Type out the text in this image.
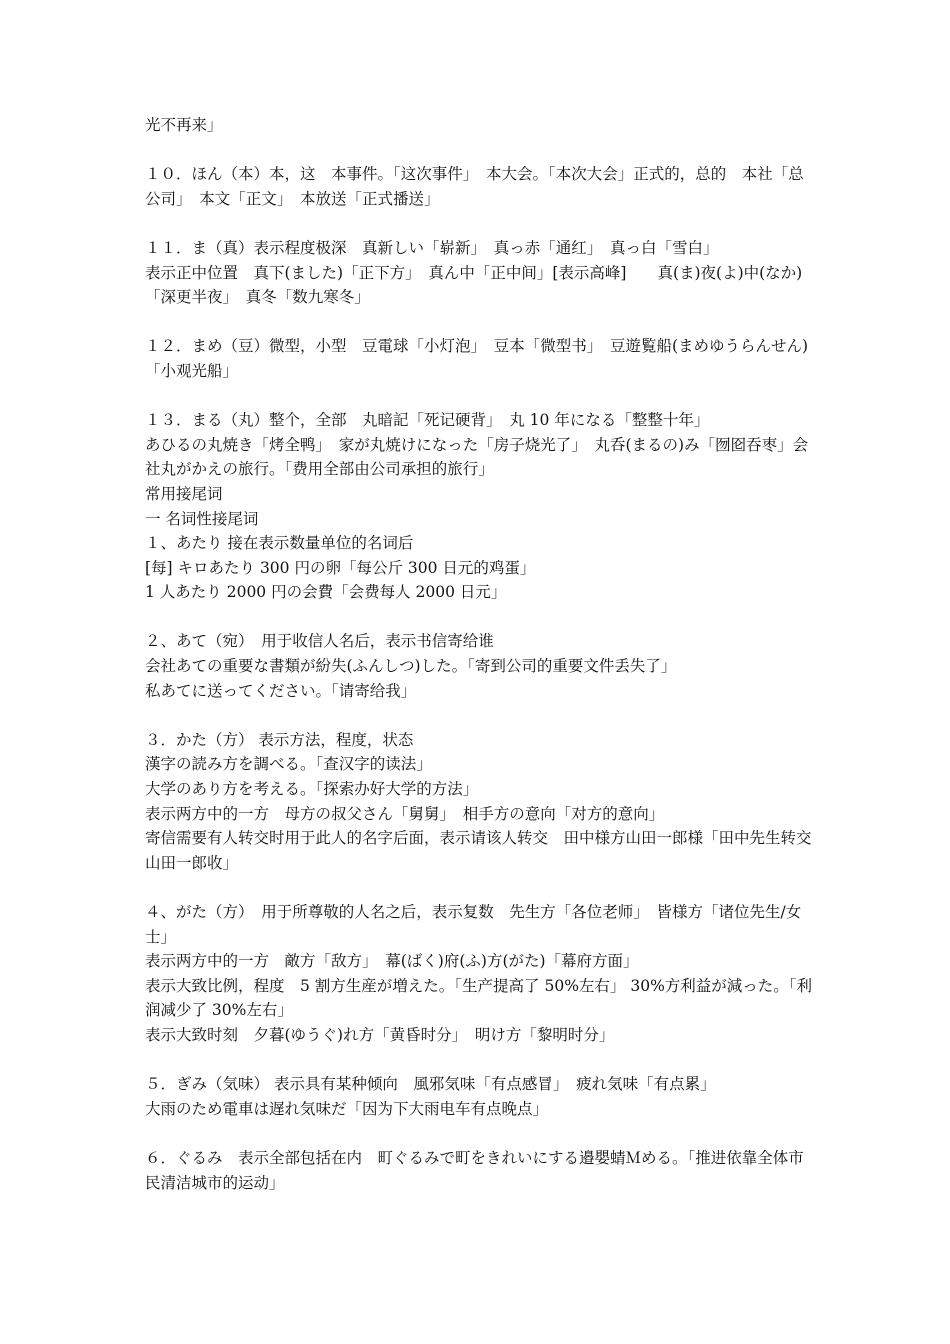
光不再来」
１０．ほん（本）本，这　本事件。「这次事件」　本大会。「本次大会」正式的，总的　本社「总公司」　本文「正文」　本放送「正式播送」
１１．ま（真）表示程度极深　真新しい「崭新」　真っ赤「通红」　真っ白「雪白」
表示正中位置　真下(ました)「正下方」　真ん中「正中间」[表示高峰]　　真(ま)夜(よ)中(なか)「深更半夜」　真冬「数九寒冬」
１２．まめ（豆）微型，小型　豆電球「小灯泡」　豆本「微型书」　豆遊覧船(まめゆうらんせん)「小观光船」
１３．まる（丸）整个，全部　丸暗記「死记硬背」　丸 10 年になる「整整十年」
あひるの丸焼き「烤全鸭」　家が丸焼けになった「房子烧光了」　丸呑(まるの)み「囫囵吞枣」会社丸がかえの旅行。「费用全部由公司承担的旅行」
常用接尾词
一 名词性接尾词
１、あたり 接在表示数量单位的名词后
[每] キロあたり 300 円の卵「每公斤 300 日元的鸡蛋」
1 人あたり 2000 円の会費「会费每人 2000 日元」
２、あて（宛）　用于收信人名后，表示书信寄给谁
会社あての重要な書類が紛失(ふんしつ)した。「寄到公司的重要文件丢失了」
私あてに送ってください。「请寄给我」
３．かた（方） 表示方法，程度，状态
漢字の読み方を調べる。「查汉字的读法」
大学のあり方を考える。「探索办好大学的方法」
表示两方中的一方　母方の叔父さん「舅舅」　相手方の意向「对方的意向」
寄信需要有人转交时用于此人的名字后面，表示请该人转交　田中様方山田一郎様「田中先生转交山田一郎收」
４、がた（方）　用于所尊敬的人名之后，表示复数　先生方「各位老师」　皆様方「诸位先生/女士」
表示两方中的一方　敵方「敌方」　幕(ばく)府(ふ)方(がた)「幕府方面」
表示大致比例，程度　5 割方生産が増えた。「生产提高了 50%左右」 30%方利益が減った。「利润减少了 30%左右」
表示大致时刻　夕暮(ゆうぐ)れ方「黄昏时分」　明け方「黎明时分」
５．ぎみ（気味） 表示具有某种倾向　風邪気味「有点感冒」　疲れ気味「有点累」
大雨のため電車は遅れ気味だ「因为下大雨电车有点晚点」
６．ぐるみ　表示全部包括在内　町ぐるみで町をきれいにする邉嬰蜻Ｍめる。「推进依靠全体市民清洁城市的运动」
